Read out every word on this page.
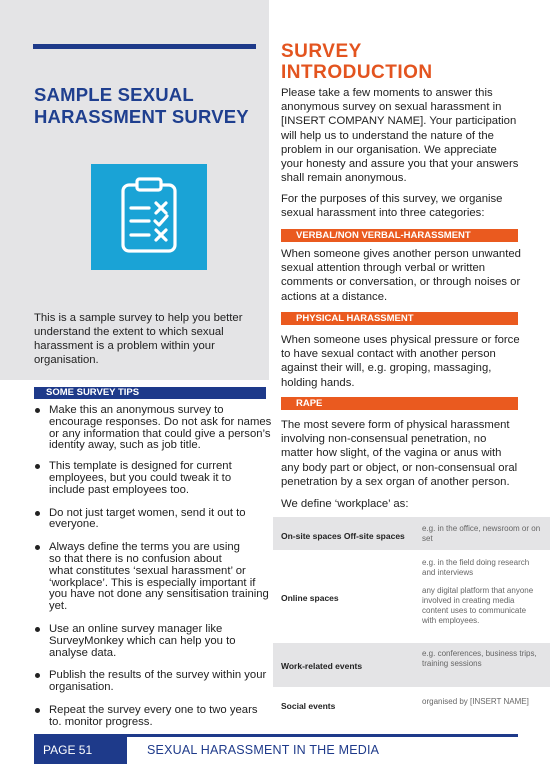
SAMPLE SEXUAL
HARASSMENT SURVEY
This is a sample survey to help you better understand the extent to which sexual harassment is a problem within your organisation.
SOME SURVEY TIPS
Make this an anonymous survey to
encourage responses. Do not ask for names
or any information that could give a person’s
identity away, such as job title.
This template is designed for current
employees, but you could tweak it to
include past employees too.
Do not just target women, send it out to
everyone.
Always define the terms you are using
so that there is no confusion about
what constitutes ‘sexual harassment’ or
‘workplace’. This is especially important if
you have not done any sensitisation training
yet.
Use an online survey manager like
SurveyMonkey which can help you to
analyse data.
Publish the results of the survey within your
organisation.
Repeat the survey every one to two years
to. monitor progress.
SURVEY
INTRODUCTION
Please take a few moments to answer this anonymous survey on sexual harassment in [INSERT COMPANY NAME]. Your participation will help us to understand the nature of the problem in our organisation. We appreciate your honesty and assure you that your answers shall remain anonymous.
For the purposes of this survey, we organise sexual harassment into three categories:
VERBAL/NON VERBAL-HARASSMENT
When someone gives another person unwanted sexual attention through verbal or written comments or conversation, or through noises or actions at a distance.
PHYSICAL HARASSMENT
When someone uses physical pressure or force to have sexual contact with another person against their will, e.g. groping, massaging, holding hands.
RAPE
The most severe form of physical harassment involving non-consensual penetration, no matter how slight, of the vagina or anus with any body part or object, or non-consensual oral penetration by a sex organ of another person.
We define ‘workplace’ as:
On-site spaces Off-site spaces
e.g. in the office, newsroom or on set
Online spaces
e.g. in the field doing research and interviews
any digital platform that anyone involved in creating media content uses to communicate with employees.
Work-related events
e.g. conferences, business trips, training sessions
Social events	organised by [INSERT NAME]
PAGE 51	SEXUAL HARASSMENT IN THE MEDIA
